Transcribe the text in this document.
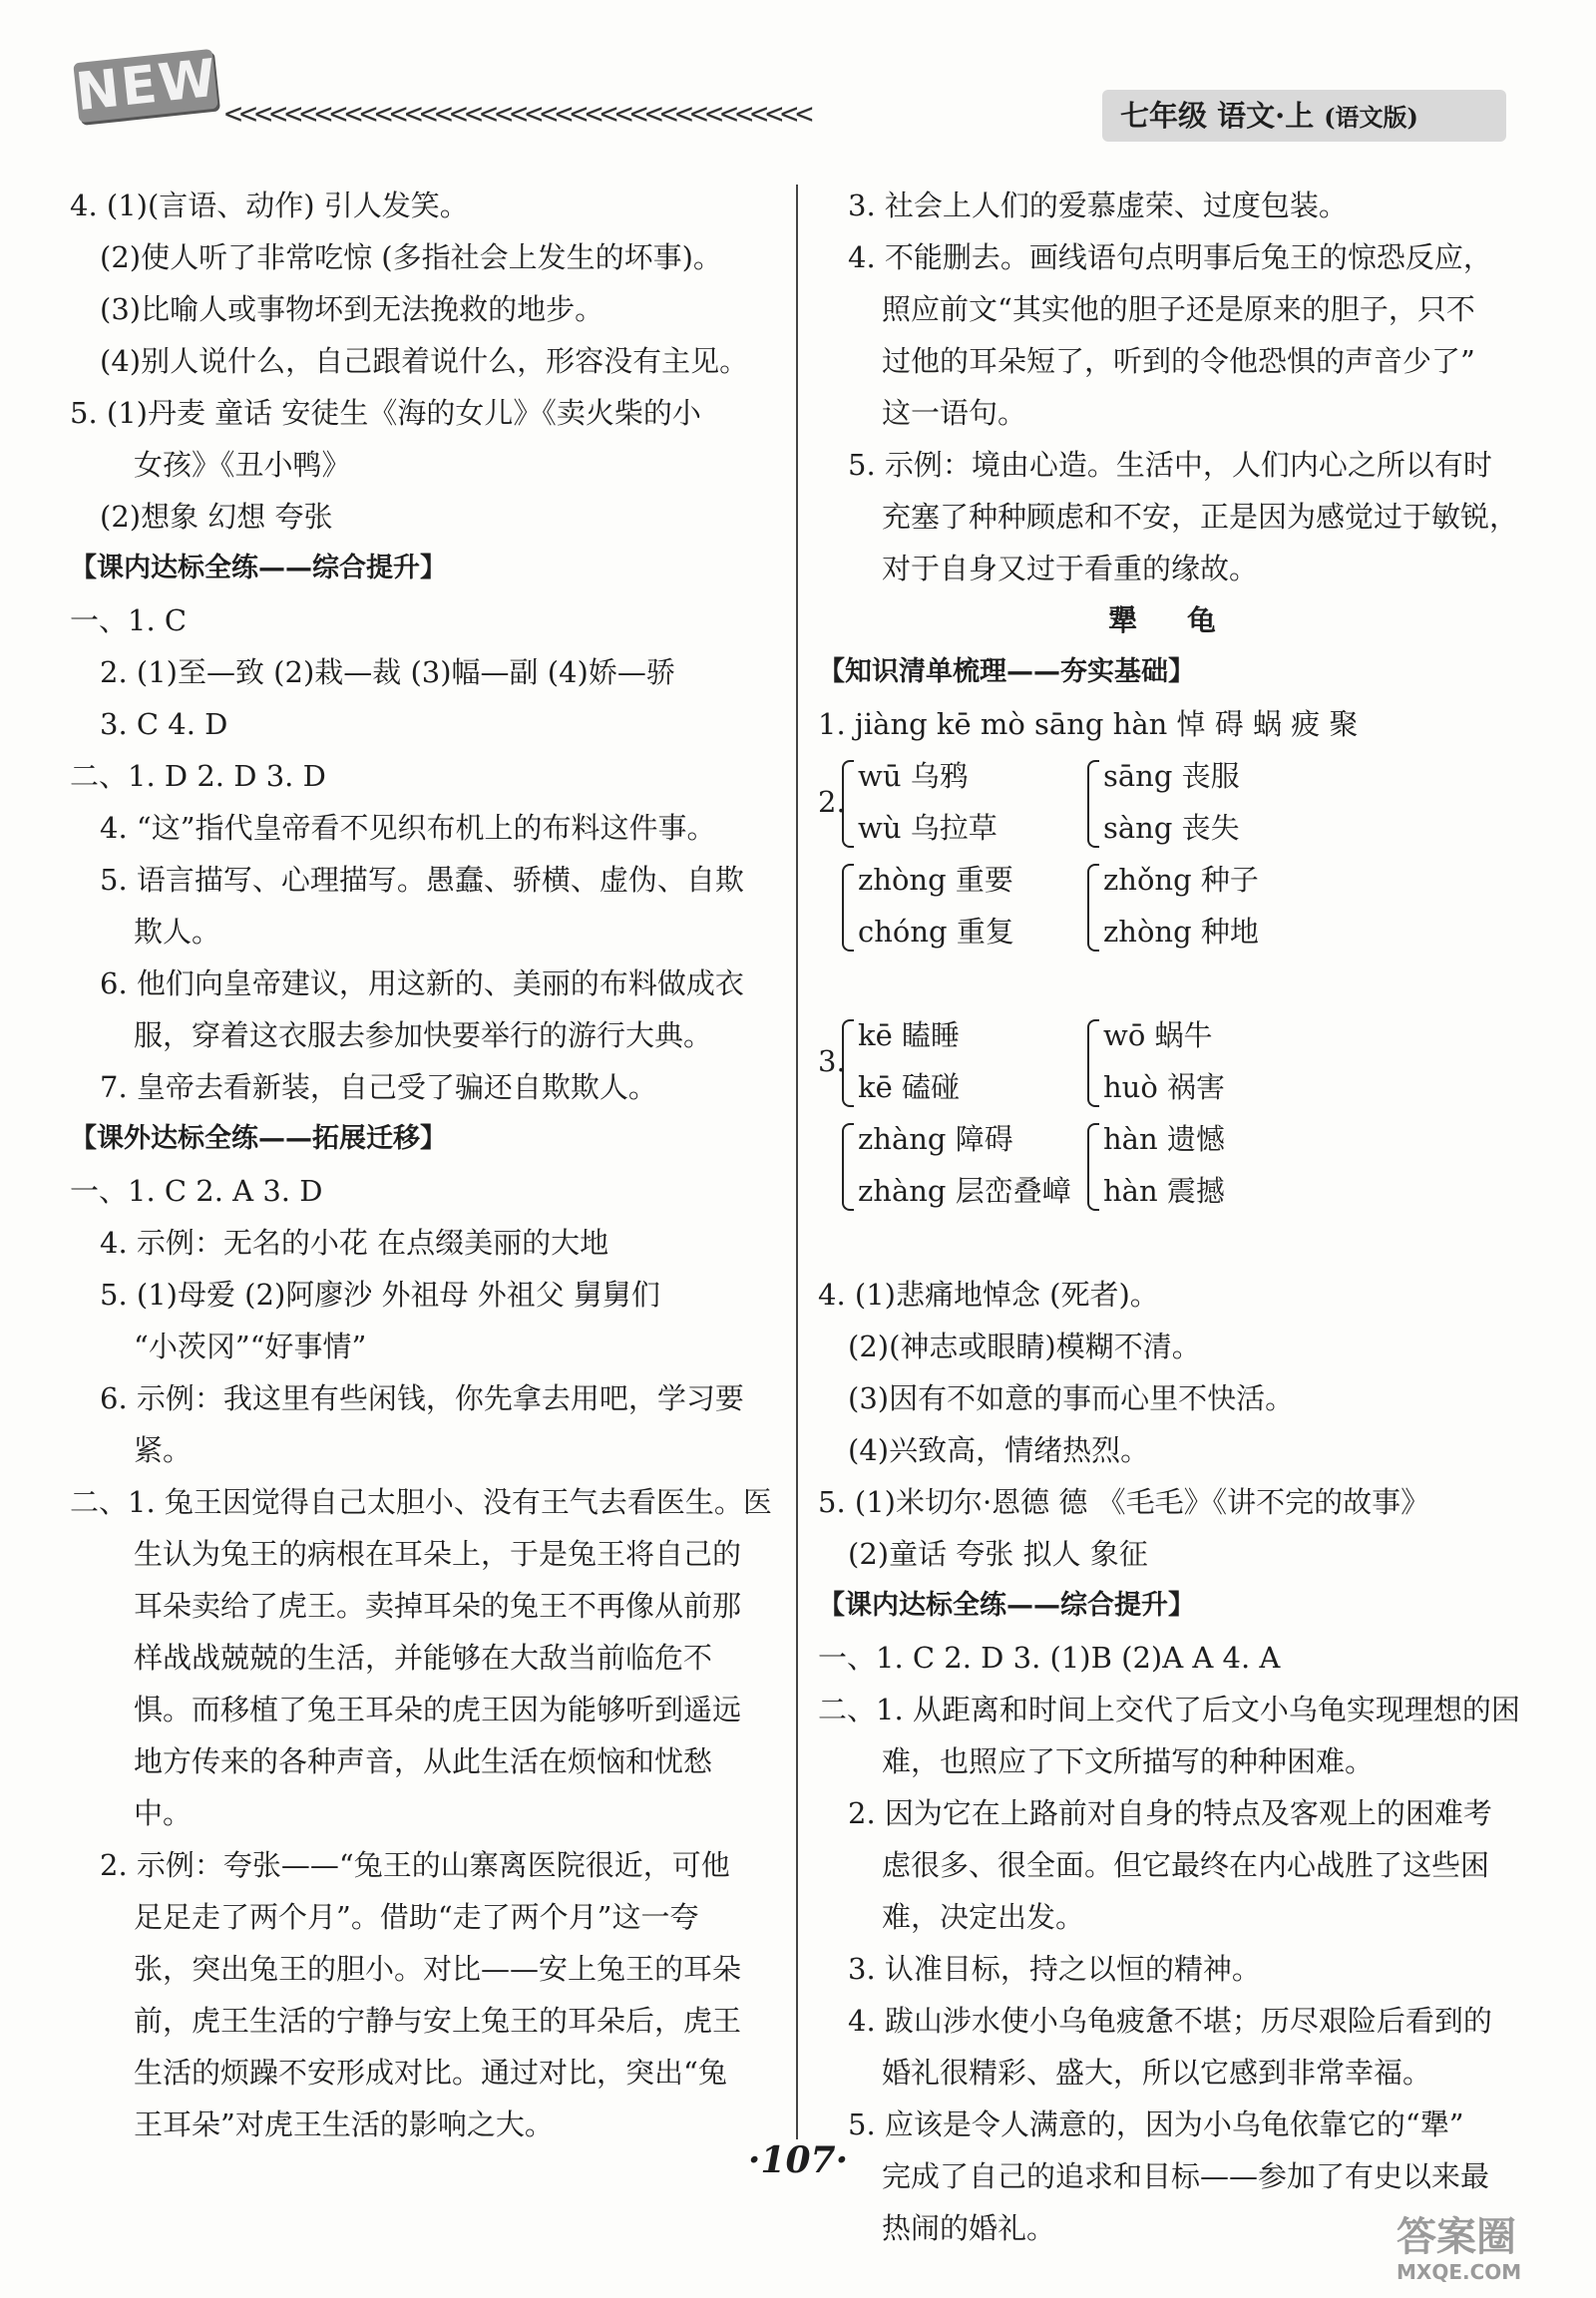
NEW <<<<<<<<<<<<<<<<<<<<<<<<<<<<<<<<<<<<<<<	七年级 语文·上 (语文版)
4. (1)(言语、动作) 引人发笑。
(2)使人听了非常吃惊 (多指社会上发生的坏事)。
(3)比喻人或事物坏到无法挽救的地步。
(4)别人说什么，自己跟着说什么，形容没有主见。
5. (1)丹麦 童话 安徒生《海的女儿》《卖火柴的小
女孩》《丑小鸭》
(2)想象 幻想 夸张
【课内达标全练——综合提升】
一、1. C
2. (1)至—致 (2)栽—裁 (3)幅—副 (4)娇—骄
3. C 4. D
二、1. D 2. D 3. D
4. “这”指代皇帝看不见织布机上的布料这件事。
5. 语言描写、心理描写。愚蠢、骄横、虚伪、自欺
欺人。
6. 他们向皇帝建议，用这新的、美丽的布料做成衣
服，穿着这衣服去参加快要举行的游行大典。
7. 皇帝去看新装，自己受了骗还自欺欺人。
【课外达标全练——拓展迁移】
一、1. C 2. A 3. D
4. 示例：无名的小花 在点缀美丽的大地
5. (1)母爱 (2)阿廖沙 外祖母 外祖父 舅舅们
“小茨冈”“好事情”
6. 示例：我这里有些闲钱，你先拿去用吧，学习要
紧。
二、1. 兔王因觉得自己太胆小、没有王气去看医生。医
生认为兔王的病根在耳朵上，于是兔王将自己的
耳朵卖给了虎王。卖掉耳朵的兔王不再像从前那
样战战兢兢的生活，并能够在大敌当前临危不
惧。而移植了兔王耳朵的虎王因为能够听到遥远
地方传来的各种声音，从此生活在烦恼和忧愁
中。
2. 示例：夸张——“兔王的山寨离医院很近，可他
足足走了两个月”。借助“走了两个月”这一夸
张，突出兔王的胆小。对比——安上兔王的耳朵
前，虎王生活的宁静与安上兔王的耳朵后，虎王
生活的烦躁不安形成对比。通过对比，突出“兔
王耳朵”对虎王生活的影响之大。
3. 社会上人们的爱慕虚荣、过度包装。
4. 不能删去。画线语句点明事后兔王的惊恐反应，
照应前文“其实他的胆子还是原来的胆子，只不
过他的耳朵短了，听到的令他恐惧的声音少了”
这一语句。
5. 示例：境由心造。生活中，人们内心之所以有时
充塞了种种顾虑和不安，正是因为感觉过于敏锐，
对于自身又过于看重的缘故。
犟 龟
【知识清单梳理——夯实基础】
1. jiàng kē mò sāng hàn 悼 碍 蜗 疲 聚
2.
3.
wū 乌鸦
wù 乌拉草
sāng 丧服
sàng 丧失
zhòng 重要
chóng 重复
zhǒng 种子
zhòng 种地
kē 瞌睡
kē 磕碰
wō 蜗牛
huò 祸害
zhàng 障碍
zhàng 层峦叠嶂
hàn 遗憾
hàn 震撼
4. (1)悲痛地悼念 (死者)。
(2)(神志或眼睛)模糊不清。
(3)因有不如意的事而心里不快活。
(4)兴致高，情绪热烈。
5. (1)米切尔·恩德 德 《毛毛》《讲不完的故事》
(2)童话 夸张 拟人 象征
【课内达标全练——综合提升】
一、1. C 2. D 3. (1)B (2)A A 4. A
二、1. 从距离和时间上交代了后文小乌龟实现理想的困
难，也照应了下文所描写的种种困难。
2. 因为它在上路前对自身的特点及客观上的困难考
虑很多、很全面。但它最终在内心战胜了这些困
难，决定出发。
3. 认准目标，持之以恒的精神。
4. 跋山涉水使小乌龟疲惫不堪；历尽艰险后看到的
婚礼很精彩、盛大，所以它感到非常幸福。
5. 应该是令人满意的，因为小乌龟依靠它的“犟”
完成了自己的追求和目标——参加了有史以来最
热闹的婚礼。
·107·
答案圈
MXQE.COM
